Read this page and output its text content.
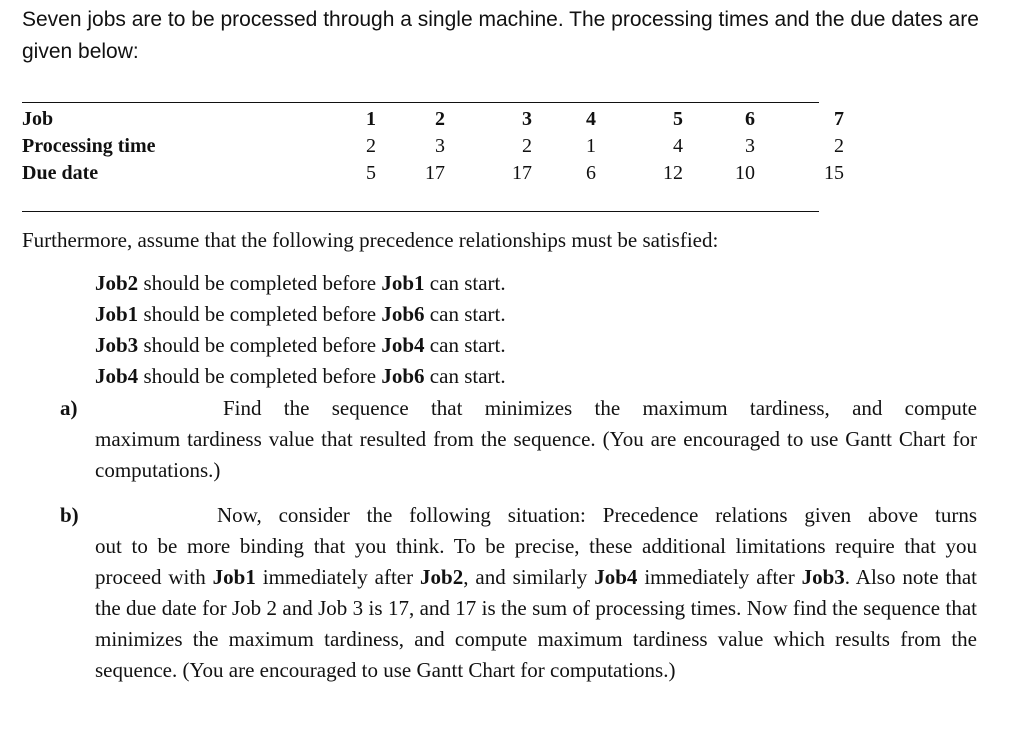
Seven jobs are to be processed through a single machine. The processing times and the due dates are given below:
Job	1	2	3	4	5	6	7
Processing time	2	3	2	1	4	3	2
Due date	5	17	17	6	12	10	15
Furthermore, assume that the following precedence relationships must be satisfied:
Job2 should be completed before Job1 can start.
Job1 should be completed before Job6 can start.
Job3 should be completed before Job4 can start.
Job4 should be completed before Job6 can start.
a)	Find the sequence that minimizes the maximum tardiness, and compute
maximum tardiness value that resulted from the sequence. (You are encouraged to use Gantt Chart for computations.)
b)	Now, consider the following situation: Precedence relations given above turns
out to be more binding that you think. To be precise, these additional limitations require that you proceed with Job1 immediately after Job2, and similarly Job4 immediately after Job3. Also note that the due date for Job 2 and Job 3 is 17, and 17 is the sum of processing times. Now find the sequence that minimizes the maximum tardiness, and compute maximum tardiness value which results from the sequence. (You are encouraged to use Gantt Chart for computations.)
